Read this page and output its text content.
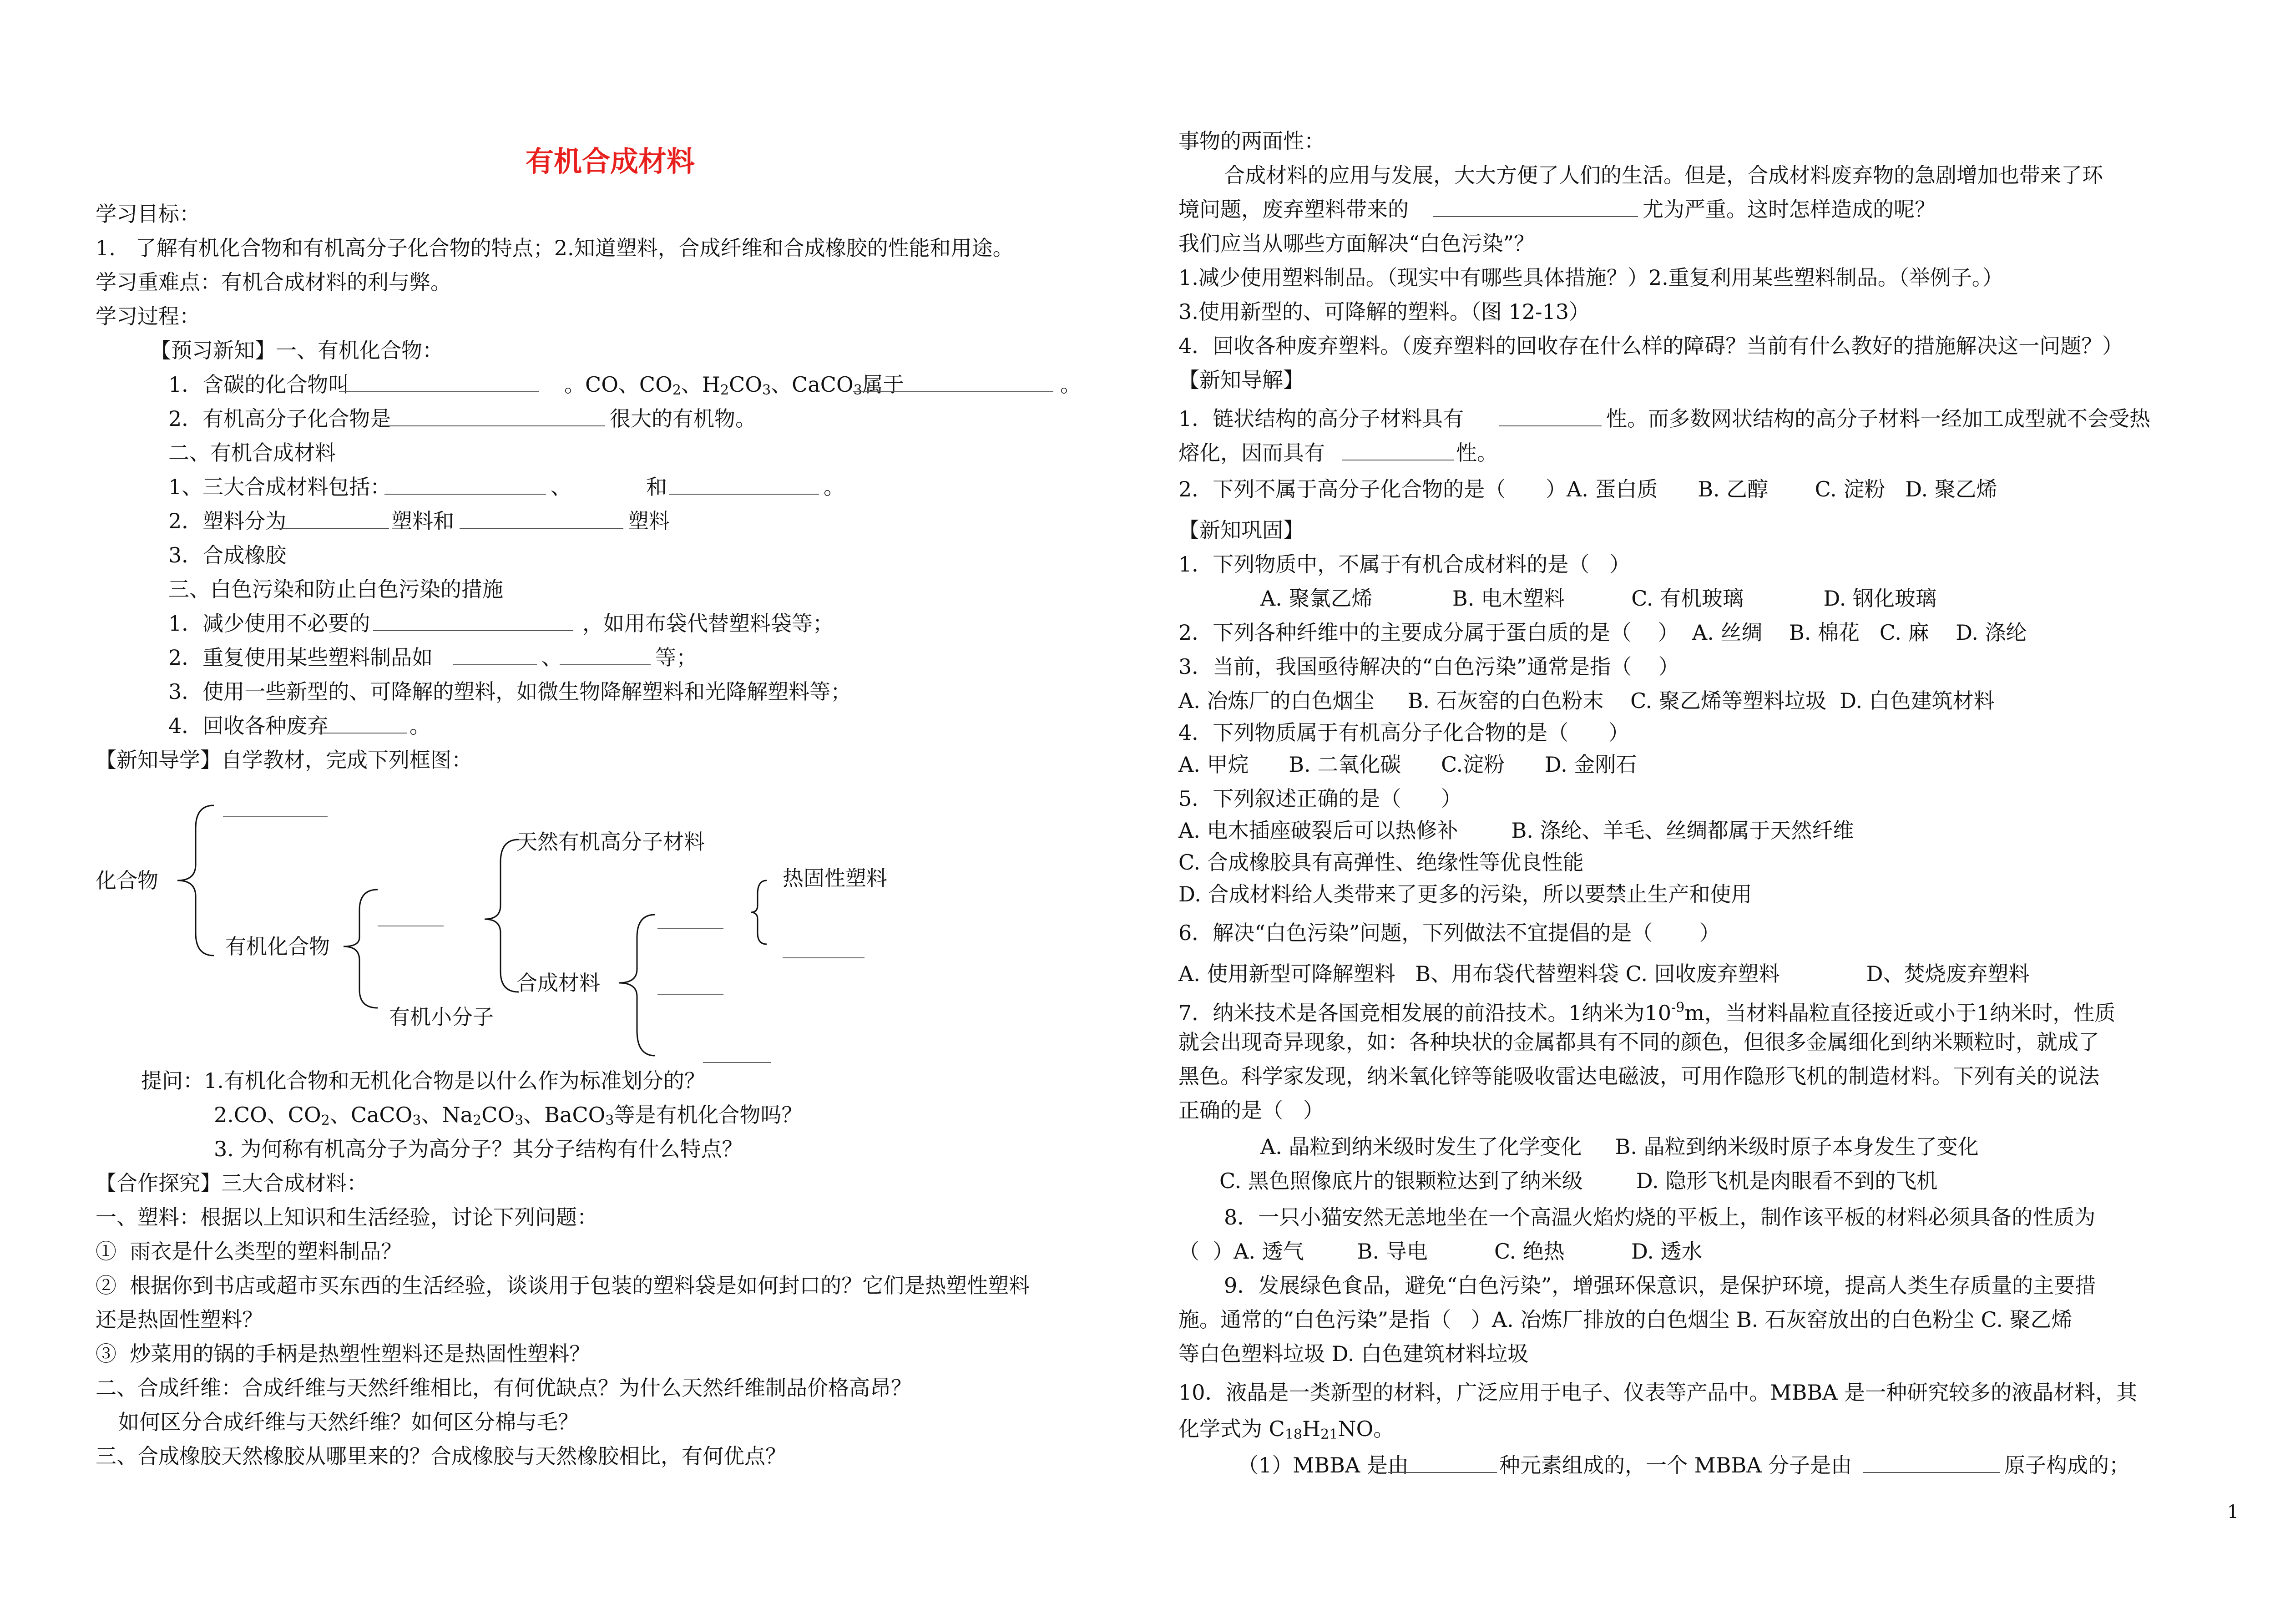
有机合成材料
学习目标：
1.   了解有机化合物和有机高分子化合物的特点；2.知道塑料，合成纤维和合成橡胶的性能和用途。
学习重难点：有机合成材料的利与弊。
学习过程：
【预习新知】一、有机化合物：
1．含碳的化合物叫	。CO、$CO_2$、$H_2CO_3$、CaCO$_3$属于	。
2．有机高分子化合物是	很大的有机物。
二、有机合成材料
1、三大合成材料包括：	、	和	。
2．塑料分为	塑料和	塑料
3．合成橡胶
三、白色污染和防止白色污染的措施
1．减少使用不必要的	，如用布袋代替塑料袋等；
2．重复使用某些塑料制品如	、	等；
3．使用一些新型的、可降解的塑料，如微生物降解塑料和光降解塑料等；
4．回收各种废弃	。
【新知导学】自学教材，完成下列框图：
提问：1.有机化合物和无机化合物是以什么作为标准划分的？
2.CO、$CO_2$、CaCO$_3$、$Na_2CO_3$、BaCO$_3$等是有机化合物吗？
3. 为何称有机高分子为高分子？其分子结构有什么特点？
【合作探究】三大合成材料：
一、塑料：根据以上知识和生活经验，讨论下列问题：
①  雨衣是什么类型的塑料制品？
②  根据你到书店或超市买东西的生活经验，谈谈用于包装的塑料袋是如何封口的？它们是热塑性塑料
还是热固性塑料？
③  炒菜用的锅的手柄是热塑性塑料还是热固性塑料？
二、合成纤维：合成纤维与天然纤维相比，有何优缺点？为什么天然纤维制品价格高昂？
如何区分合成纤维与天然纤维？如何区分棉与毛？
三、合成橡胶天然橡胶从哪里来的？合成橡胶与天然橡胶相比，有何优点？
事物的两面性：
合成材料的应用与发展，大大方便了人们的生活。但是，合成材料废弃物的急剧增加也带来了环
境问题，废弃塑料带来的	尤为严重。这时怎样造成的呢？
我们应当从哪些方面解决“白色污染”？
1.减少使用塑料制品。（现实中有哪些具体措施？）2.重复利用某些塑料制品。（举例子。）
3.使用新型的、可降解的塑料。（图 12-13）
4．回收各种废弃塑料。（废弃塑料的回收存在什么样的障碍？当前有什么教好的措施解决这一问题？）
【新知导解】
1．链状结构的高分子材料具有	性。而多数网状结构的高分子材料一经加工成型就不会受热
熔化，因而具有	性。
2．下列不属于高分子化合物的是（      ）A. 蛋白质      B. 乙醇       C. 淀粉   D. 聚乙烯
【新知巩固】
1．下列物质中，不属于有机合成材料的是（   ）
A. 聚氯乙烯            B. 电木塑料          C. 有机玻璃            D. 钢化玻璃
2．下列各种纤维中的主要成分属于蛋白质的是（    ）  A. 丝绸    B. 棉花   C. 麻    D. 涤纶
3．当前，我国亟待解决的“白色污染”通常是指（    ）
A. 冶炼厂的白色烟尘     B. 石灰窑的白色粉末    C. 聚乙烯等塑料垃圾  D. 白色建筑材料
4．下列物质属于有机高分子化合物的是（      ）
A. 甲烷      B. 二氧化碳      C.淀粉      D. 金刚石
5．下列叙述正确的是（      ）
A. 电木插座破裂后可以热修补        B. 涤纶、羊毛、丝绸都属于天然纤维
C. 合成橡胶具有高弹性、绝缘性等优良性能
D. 合成材料给人类带来了更多的污染，所以要禁止生产和使用
6．解决“白色污染”问题，下列做法不宜提倡的是（       ）
A. 使用新型可降解塑料   B、用布袋代替塑料袋 C. 回收废弃塑料             D、焚烧废弃塑料
7．纳米技术是各国竞相发展的前沿技术。1纳米为$10^{-9}m$，当材料晶粒直径接近或小于1纳米时，性质
就会出现奇异现象，如：各种块状的金属都具有不同的颜色，但很多金属细化到纳米颗粒时，就成了
黑色。科学家发现，纳米氧化锌等能吸收雷达电磁波，可用作隐形飞机的制造材料。下列有关的说法
正确的是（   ）
A. 晶粒到纳米级时发生了化学变化     B. 晶粒到纳米级时原子本身发生了变化
C. 黑色照像底片的银颗粒达到了纳米级        D. 隐形飞机是肉眼看不到的飞机
8．一只小猫安然无恙地坐在一个高温火焰灼烧的平板上，制作该平板的材料必须具备的性质为
（  ）A. 透气        B. 导电          C. 绝热          D. 透水
9．发展绿色食品，避免“白色污染”，增强环保意识，是保护环境，提高人类生存质量的主要措
施。通常的“白色污染”是指（   ）A. 冶炼厂排放的白色烟尘 B. 石灰窑放出的白色粉尘 C. 聚乙烯
等白色塑料垃圾 D. 白色建筑材料垃圾
10．液晶是一类新型的材料，广泛应用于电子、仪表等产品中。MBBA 是一种研究较多的液晶材料，其
化学式为 $C_{18}H_{21}NO$。
（1）MBBA 是由	种元素组成的，一个 MBBA 分子是由	原子构成的；
化合物
有机化合物
天然有机高分子材料
热固性塑料
合成材料
有机小分子
1
